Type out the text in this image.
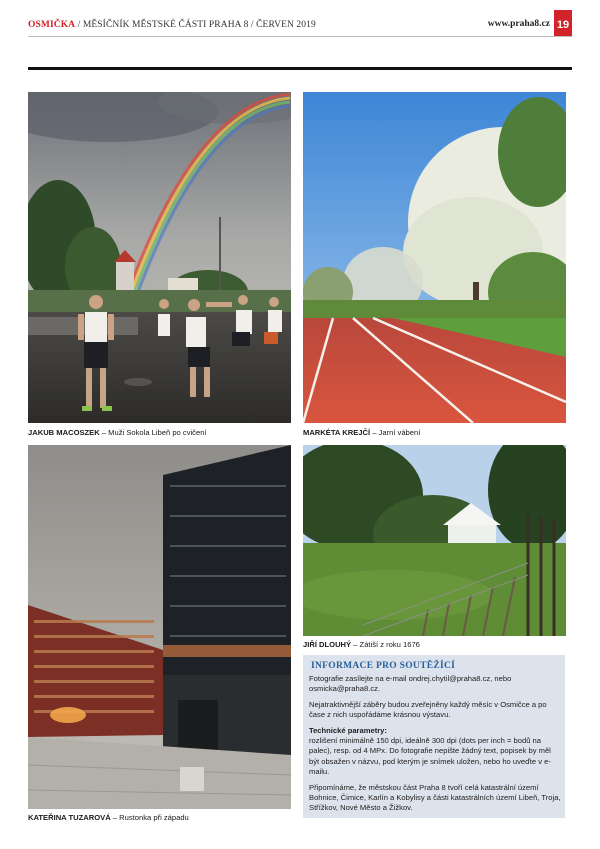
OSMIČKA / MĚSÍČNÍK MĚSTSKÉ ČÁSTI PRAHA 8 / ČERVEN 2019	www.praha8.cz 19
JAKUB MACOSZEK – Muži Sokola Libeň po cvičení	MARKÉTA KREJČÍ – Jarní vábení
KATEŘINA TUZAROVÁ – Rustonka při západu
JIŘÍ DLOUHÝ – Zátiší z roku 1676
INFORMACE PRO SOUTĚŽÍCÍ

Fotografie zasílejte na e-mail ondrej.chytil@praha8.cz, nebo osmicka@praha8.cz.

Nejatraktivnější záběry budou zveřejněny každý měsíc v Osmičce a po čase z nich uspořádáme krásnou výstavu.

Technické parametry:

rozlišení minimálně 150 dpi, ideálně 300 dpi (dots per inch = bodů na palec), resp. od 4 MPx. Do fotografie nepište žádný text, popisek by měl být obsažen v názvu, pod kterým je snímek uložen, nebo ho uveďte v e-mailu.

Připomínáme, že městskou část Praha 8 tvoří celá katastrální území Bohnice, Čimice, Karlín a Kobylisy a části katastrálních území Libeň, Troja, Střížkov, Nové Město a Žižkov.
